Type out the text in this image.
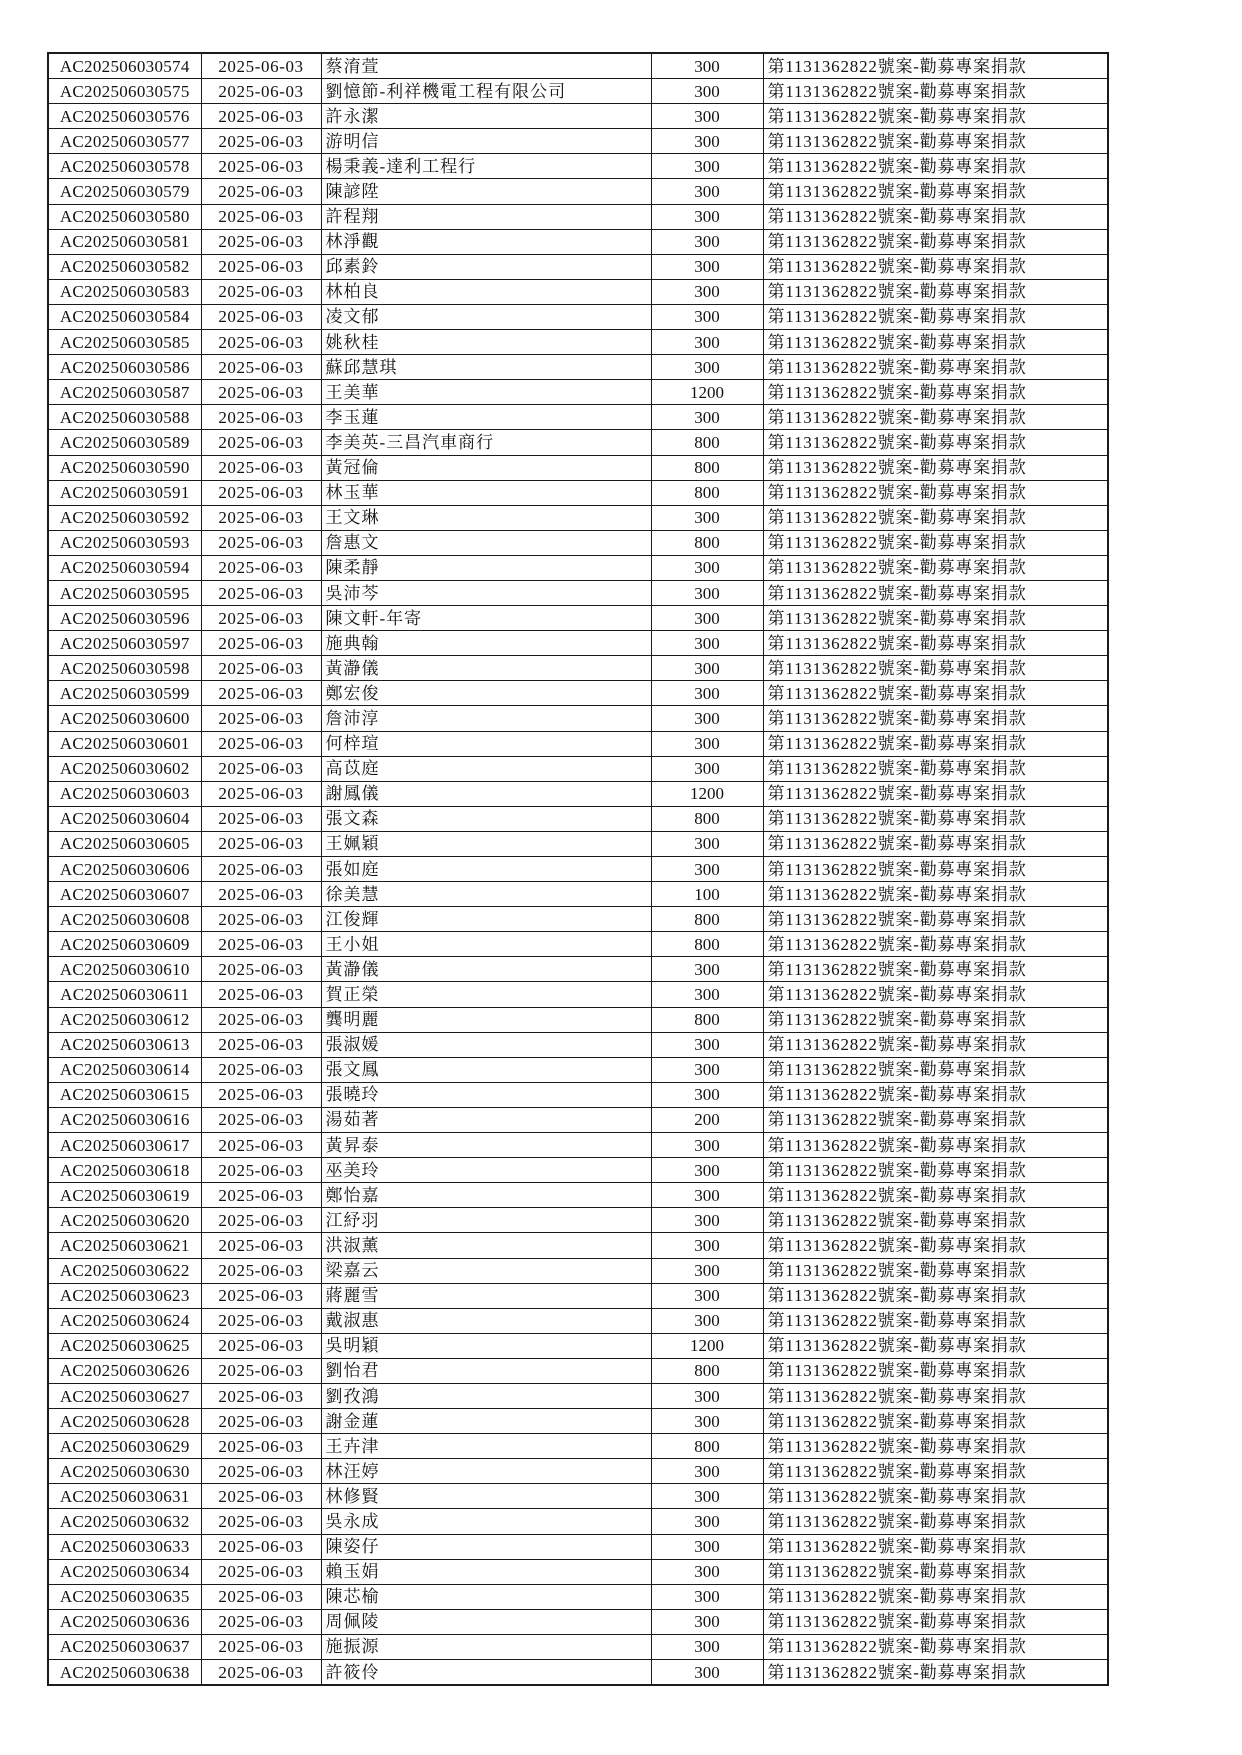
AC202506030574	2025-06-03	蔡淯萱	300	第1131362822號案-勸募專案捐款
AC202506030575	2025-06-03	劉憶節-利祥機電工程有限公司	300	第1131362822號案-勸募專案捐款
AC202506030576	2025-06-03	許永潔	300	第1131362822號案-勸募專案捐款
AC202506030577	2025-06-03	游明信	300	第1131362822號案-勸募專案捐款
AC202506030578	2025-06-03	楊秉義-達利工程行	300	第1131362822號案-勸募專案捐款
AC202506030579	2025-06-03	陳諺陞	300	第1131362822號案-勸募專案捐款
AC202506030580	2025-06-03	許程翔	300	第1131362822號案-勸募專案捐款
AC202506030581	2025-06-03	林淨觀	300	第1131362822號案-勸募專案捐款
AC202506030582	2025-06-03	邱素鈴	300	第1131362822號案-勸募專案捐款
AC202506030583	2025-06-03	林柏良	300	第1131362822號案-勸募專案捐款
AC202506030584	2025-06-03	凌文郁	300	第1131362822號案-勸募專案捐款
AC202506030585	2025-06-03	姚秋桂	300	第1131362822號案-勸募專案捐款
AC202506030586	2025-06-03	蘇邱慧琪	300	第1131362822號案-勸募專案捐款
AC202506030587	2025-06-03	王美華	1200	第1131362822號案-勸募專案捐款
AC202506030588	2025-06-03	李玉蓮	300	第1131362822號案-勸募專案捐款
AC202506030589	2025-06-03	李美英-三昌汽車商行	800	第1131362822號案-勸募專案捐款
AC202506030590	2025-06-03	黃冠倫	800	第1131362822號案-勸募專案捐款
AC202506030591	2025-06-03	林玉華	800	第1131362822號案-勸募專案捐款
AC202506030592	2025-06-03	王文琳	300	第1131362822號案-勸募專案捐款
AC202506030593	2025-06-03	詹惠文	800	第1131362822號案-勸募專案捐款
AC202506030594	2025-06-03	陳柔靜	300	第1131362822號案-勸募專案捐款
AC202506030595	2025-06-03	吳沛芩	300	第1131362822號案-勸募專案捐款
AC202506030596	2025-06-03	陳文軒-年寄	300	第1131362822號案-勸募專案捐款
AC202506030597	2025-06-03	施典翰	300	第1131362822號案-勸募專案捐款
AC202506030598	2025-06-03	黃瀞儀	300	第1131362822號案-勸募專案捐款
AC202506030599	2025-06-03	鄭宏俊	300	第1131362822號案-勸募專案捐款
AC202506030600	2025-06-03	詹沛淳	300	第1131362822號案-勸募專案捐款
AC202506030601	2025-06-03	何梓瑄	300	第1131362822號案-勸募專案捐款
AC202506030602	2025-06-03	高苡庭	300	第1131362822號案-勸募專案捐款
AC202506030603	2025-06-03	謝鳳儀	1200	第1131362822號案-勸募專案捐款
AC202506030604	2025-06-03	張文森	800	第1131362822號案-勸募專案捐款
AC202506030605	2025-06-03	王姵穎	300	第1131362822號案-勸募專案捐款
AC202506030606	2025-06-03	張如庭	300	第1131362822號案-勸募專案捐款
AC202506030607	2025-06-03	徐美慧	100	第1131362822號案-勸募專案捐款
AC202506030608	2025-06-03	江俊輝	800	第1131362822號案-勸募專案捐款
AC202506030609	2025-06-03	王小姐	800	第1131362822號案-勸募專案捐款
AC202506030610	2025-06-03	黃瀞儀	300	第1131362822號案-勸募專案捐款
AC202506030611	2025-06-03	賀正榮	300	第1131362822號案-勸募專案捐款
AC202506030612	2025-06-03	龔明麗	800	第1131362822號案-勸募專案捐款
AC202506030613	2025-06-03	張淑媛	300	第1131362822號案-勸募專案捐款
AC202506030614	2025-06-03	張文鳳	300	第1131362822號案-勸募專案捐款
AC202506030615	2025-06-03	張曉玲	300	第1131362822號案-勸募專案捐款
AC202506030616	2025-06-03	湯茹著	200	第1131362822號案-勸募專案捐款
AC202506030617	2025-06-03	黃昇泰	300	第1131362822號案-勸募專案捐款
AC202506030618	2025-06-03	巫美玲	300	第1131362822號案-勸募專案捐款
AC202506030619	2025-06-03	鄭怡嘉	300	第1131362822號案-勸募專案捐款
AC202506030620	2025-06-03	江紓羽	300	第1131362822號案-勸募專案捐款
AC202506030621	2025-06-03	洪淑薰	300	第1131362822號案-勸募專案捐款
AC202506030622	2025-06-03	梁嘉云	300	第1131362822號案-勸募專案捐款
AC202506030623	2025-06-03	蔣麗雪	300	第1131362822號案-勸募專案捐款
AC202506030624	2025-06-03	戴淑惠	300	第1131362822號案-勸募專案捐款
AC202506030625	2025-06-03	吳明穎	1200	第1131362822號案-勸募專案捐款
AC202506030626	2025-06-03	劉怡君	800	第1131362822號案-勸募專案捐款
AC202506030627	2025-06-03	劉孜鴻	300	第1131362822號案-勸募專案捐款
AC202506030628	2025-06-03	謝金蓮	300	第1131362822號案-勸募專案捐款
AC202506030629	2025-06-03	王卉津	800	第1131362822號案-勸募專案捐款
AC202506030630	2025-06-03	林汪婷	300	第1131362822號案-勸募專案捐款
AC202506030631	2025-06-03	林修賢	300	第1131362822號案-勸募專案捐款
AC202506030632	2025-06-03	吳永成	300	第1131362822號案-勸募專案捐款
AC202506030633	2025-06-03	陳姿仔	300	第1131362822號案-勸募專案捐款
AC202506030634	2025-06-03	賴玉娟	300	第1131362822號案-勸募專案捐款
AC202506030635	2025-06-03	陳芯榆	300	第1131362822號案-勸募專案捐款
AC202506030636	2025-06-03	周佩陵	300	第1131362822號案-勸募專案捐款
AC202506030637	2025-06-03	施振源	300	第1131362822號案-勸募專案捐款
AC202506030638	2025-06-03	許筱伶	300	第1131362822號案-勸募專案捐款
